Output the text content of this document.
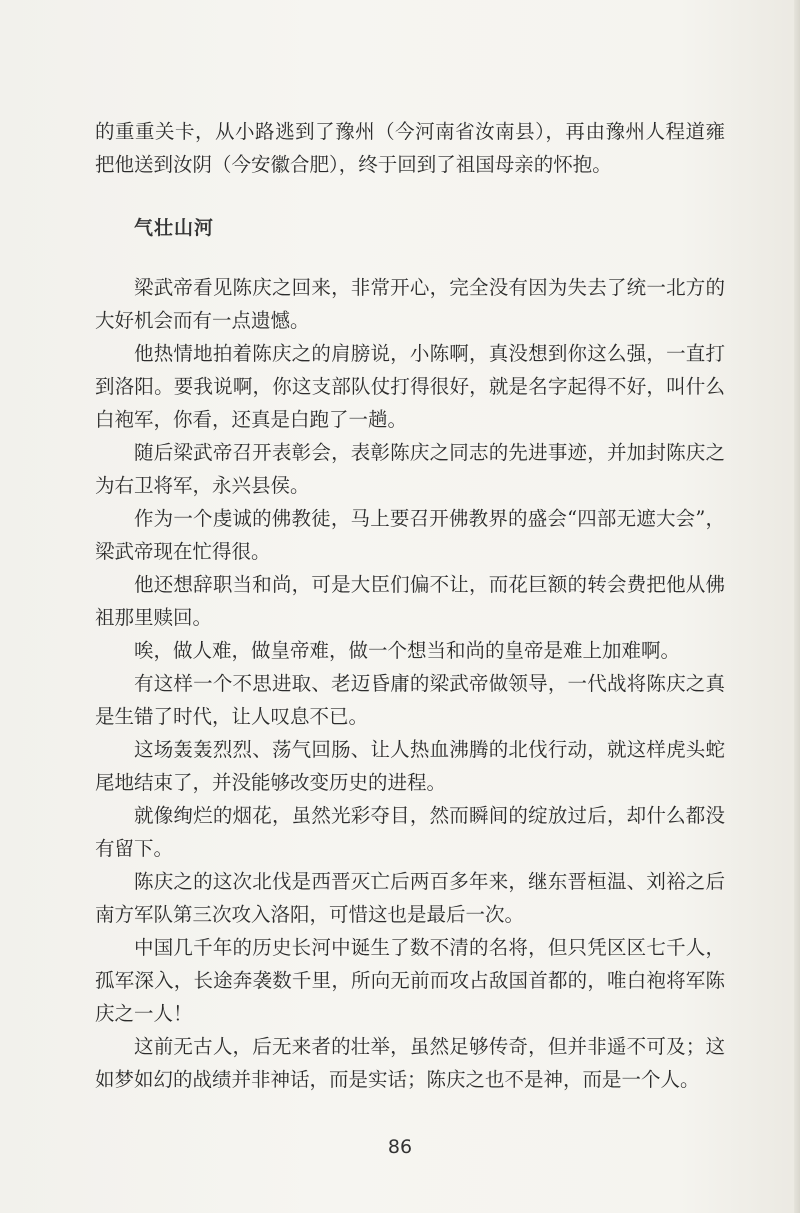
的重重关卡，从小路逃到了豫州（今河南省汝南县），再由豫州人程道雍把他送到汝阴（今安徽合肥），终于回到了祖国母亲的怀抱。

气壮山河

梁武帝看见陈庆之回来，非常开心，完全没有因为失去了统一北方的大好机会而有一点遗憾。

他热情地拍着陈庆之的肩膀说，小陈啊，真没想到你这么强，一直打到洛阳。要我说啊，你这支部队仗打得很好，就是名字起得不好，叫什么白袍军，你看，还真是白跑了一趟。

随后梁武帝召开表彰会，表彰陈庆之同志的先进事迹，并加封陈庆之为右卫将军，永兴县侯。

作为一个虔诚的佛教徒，马上要召开佛教界的盛会“四部无遮大会”，梁武帝现在忙得很。

他还想辞职当和尚，可是大臣们偏不让，而花巨额的转会费把他从佛祖那里赎回。

唉，做人难，做皇帝难，做一个想当和尚的皇帝是难上加难啊。

有这样一个不思进取、老迈昏庸的梁武帝做领导，一代战将陈庆之真是生错了时代，让人叹息不已。

这场轰轰烈烈、荡气回肠、让人热血沸腾的北伐行动，就这样虎头蛇尾地结束了，并没能够改变历史的进程。

就像绚烂的烟花，虽然光彩夺目，然而瞬间的绽放过后，却什么都没有留下。

陈庆之的这次北伐是西晋灭亡后两百多年来，继东晋桓温、刘裕之后南方军队第三次攻入洛阳，可惜这也是最后一次。

中国几千年的历史长河中诞生了数不清的名将，但只凭区区七千人，孤军深入，长途奔袭数千里，所向无前而攻占敌国首都的，唯白袍将军陈庆之一人！

这前无古人，后无来者的壮举，虽然足够传奇，但并非遥不可及；这如梦如幻的战绩并非神话，而是实话；陈庆之也不是神，而是一个人。

86
